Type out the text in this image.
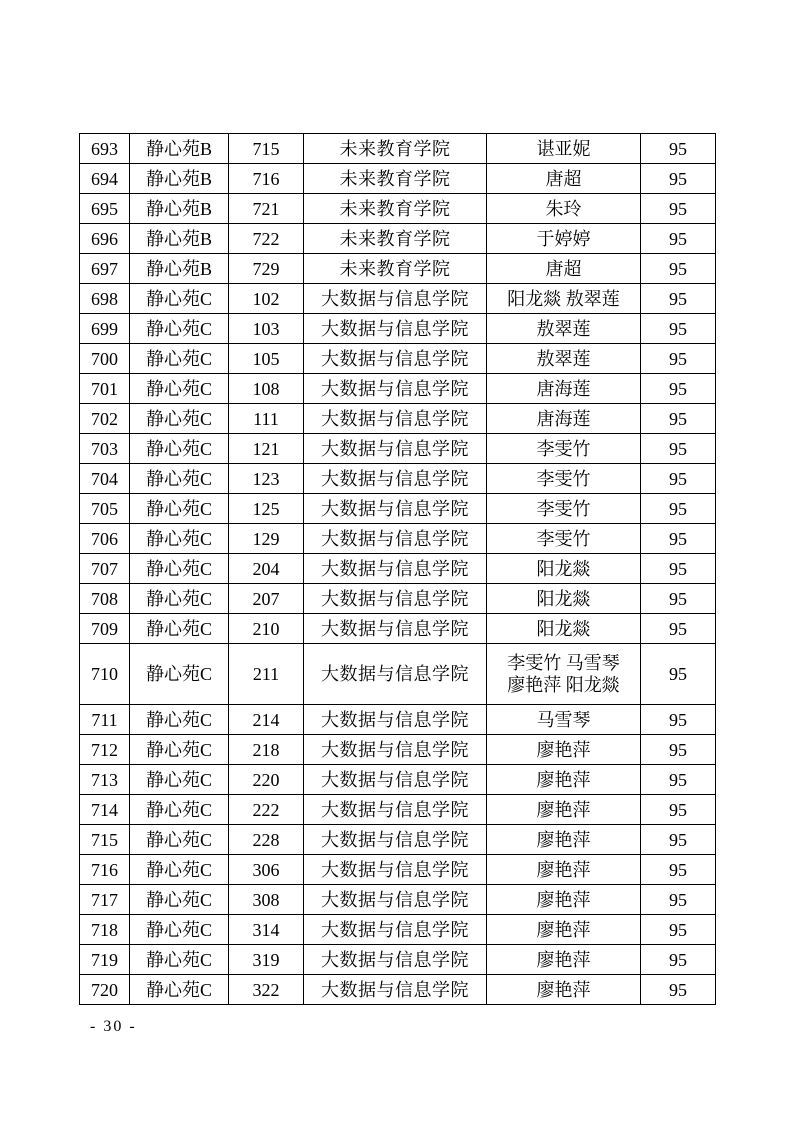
693	静心苑B	715	未来教育学院	谌亚妮	95
694	静心苑B	716	未来教育学院	唐超	95
695	静心苑B	721	未来教育学院	朱玲	95
696	静心苑B	722	未来教育学院	于婷婷	95
697	静心苑B	729	未来教育学院	唐超	95
698	静心苑C	102	大数据与信息学院	阳龙燚 敖翠莲	95
699	静心苑C	103	大数据与信息学院	敖翠莲	95
700	静心苑C	105	大数据与信息学院	敖翠莲	95
701	静心苑C	108	大数据与信息学院	唐海莲	95
702	静心苑C	111	大数据与信息学院	唐海莲	95
703	静心苑C	121	大数据与信息学院	李雯竹	95
704	静心苑C	123	大数据与信息学院	李雯竹	95
705	静心苑C	125	大数据与信息学院	李雯竹	95
706	静心苑C	129	大数据与信息学院	李雯竹	95
707	静心苑C	204	大数据与信息学院	阳龙燚	95
708	静心苑C	207	大数据与信息学院	阳龙燚	95
709	静心苑C	210	大数据与信息学院	阳龙燚	95
710	静心苑C	211	大数据与信息学院	李雯竹 马雪琴
廖艳萍 阳龙燚	95
711	静心苑C	214	大数据与信息学院	马雪琴	95
712	静心苑C	218	大数据与信息学院	廖艳萍	95
713	静心苑C	220	大数据与信息学院	廖艳萍	95
714	静心苑C	222	大数据与信息学院	廖艳萍	95
715	静心苑C	228	大数据与信息学院	廖艳萍	95
716	静心苑C	306	大数据与信息学院	廖艳萍	95
717	静心苑C	308	大数据与信息学院	廖艳萍	95
718	静心苑C	314	大数据与信息学院	廖艳萍	95
719	静心苑C	319	大数据与信息学院	廖艳萍	95
720	静心苑C	322	大数据与信息学院	廖艳萍	95
- 30 -
